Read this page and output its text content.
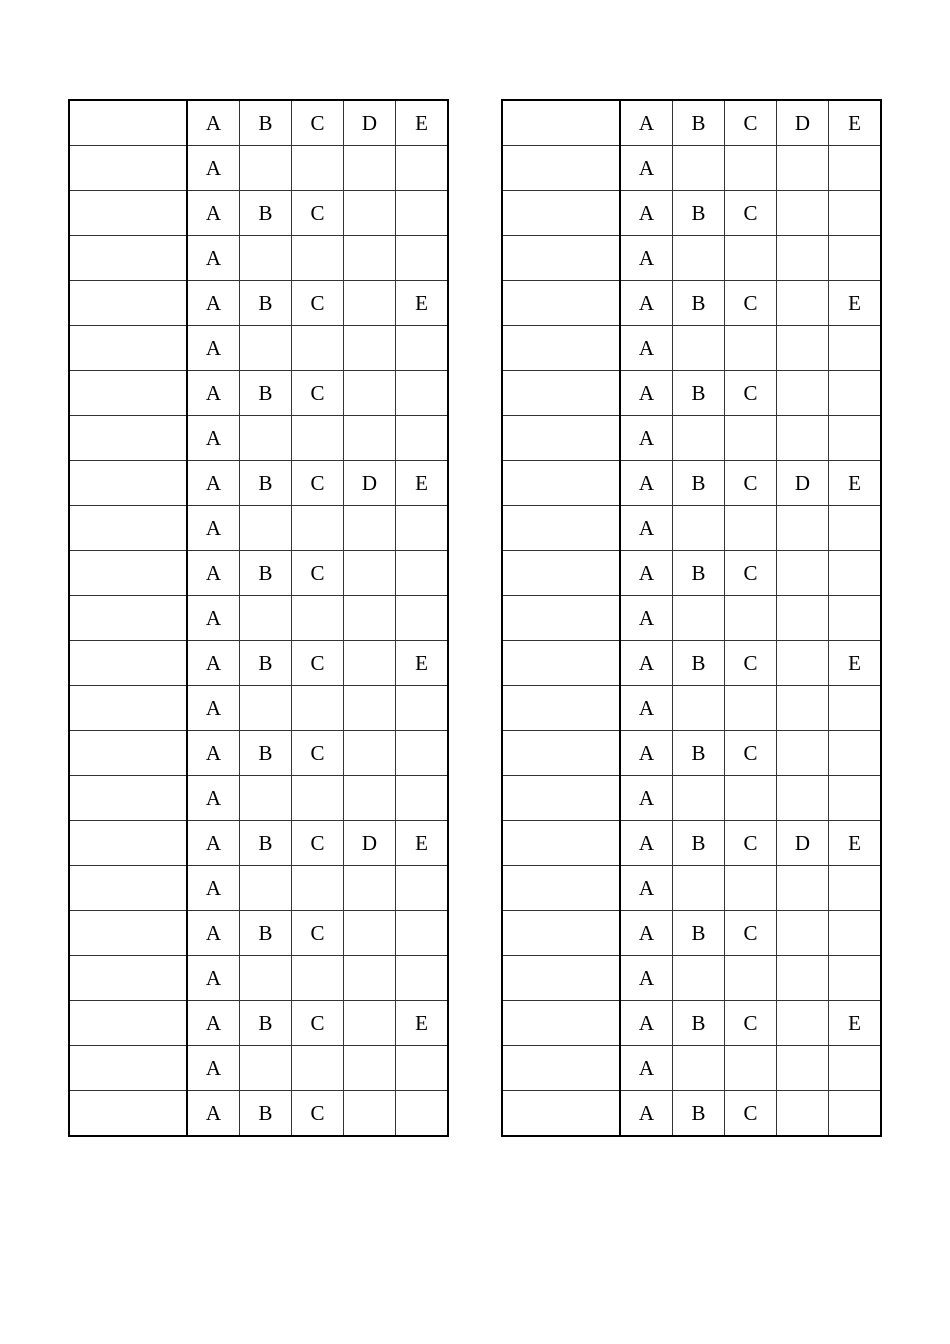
	A	B	C	D	E
	A				
	A	B	C		
	A				
	A	B	C		E
	A				
	A	B	C		
	A				
	A	B	C	D	E
	A				
	A	B	C		
	A				
	A	B	C		E
	A				
	A	B	C		
	A				
	A	B	C	D	E
	A				
	A	B	C		
	A				
	A	B	C		E
	A				
	A	B	C		
	A	B	C	D	E
	A				
	A	B	C		
	A				
	A	B	C		E
	A				
	A	B	C		
	A				
	A	B	C	D	E
	A				
	A	B	C		
	A				
	A	B	C		E
	A				
	A	B	C		
	A				
	A	B	C	D	E
	A				
	A	B	C		
	A				
	A	B	C		E
	A				
	A	B	C		
